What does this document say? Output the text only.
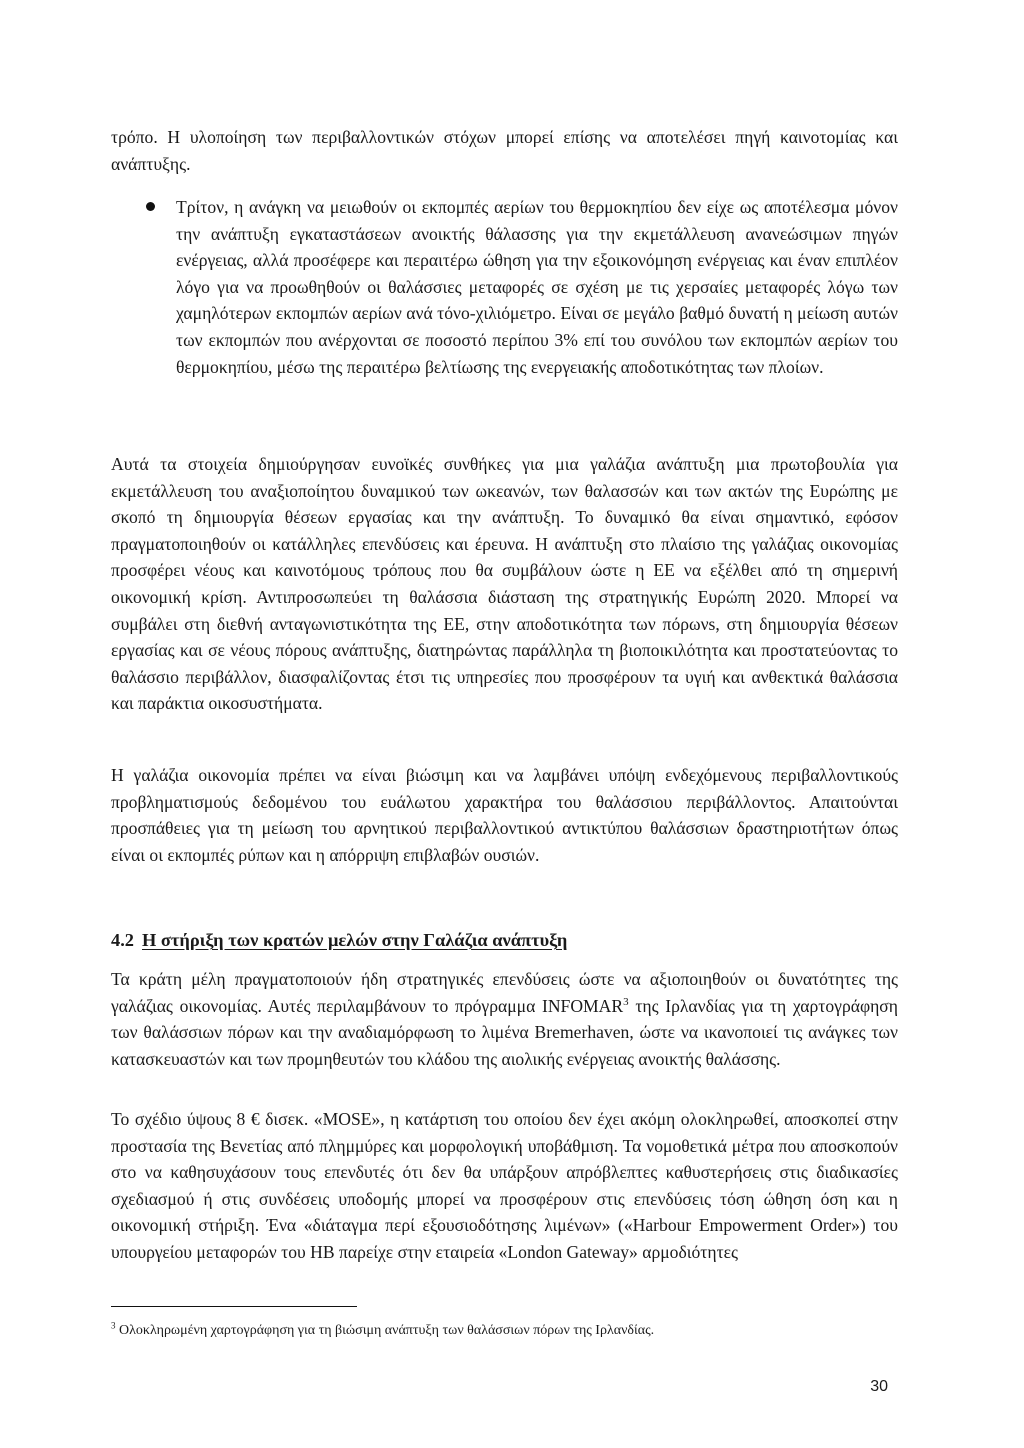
τρόπο. Η υλοποίηση των περιβαλλοντικών στόχων μπορεί επίσης να αποτελέσει πηγή καινοτομίας και ανάπτυξης.

Τρίτον, η ανάγκη να μειωθούν οι εκπομπές αερίων του θερμοκηπίου δεν είχε ως αποτέλεσμα μόνον την ανάπτυξη εγκαταστάσεων ανοικτής θάλασσης για την εκμετάλλευση ανανεώσιμων πηγών ενέργειας, αλλά προσέφερε και περαιτέρω ώθηση για την εξοικονόμηση ενέργειας και έναν επιπλέον λόγο για να προωθηθούν οι θαλάσσιες μεταφορές σε σχέση με τις χερσαίες μεταφορές λόγω των χαμηλότερων εκπομπών αερίων ανά τόνο-χιλιόμετρο. Είναι σε μεγάλο βαθμό δυνατή η μείωση αυτών των εκπομπών που ανέρχονται σε ποσοστό περίπου 3% επί του συνόλου των εκπομπών αερίων του θερμοκηπίου, μέσω της περαιτέρω βελτίωσης της ενεργειακής αποδοτικότητας των πλοίων.

Αυτά τα στοιχεία δημιούργησαν ευνοϊκές συνθήκες για μια γαλάζια ανάπτυξη μια πρωτοβουλία για εκμετάλλευση του αναξιοποίητου δυναμικού των ωκεανών, των θαλασσών και των ακτών της Ευρώπης με σκοπό τη δημιουργία θέσεων εργασίας και την ανάπτυξη. Το δυναμικό θα είναι σημαντικό, εφόσον πραγματοποιηθούν οι κατάλληλες επενδύσεις και έρευνα. Η ανάπτυξη στο πλαίσιο της γαλάζιας οικονομίας προσφέρει νέους και καινοτόμους τρόπους που θα συμβάλουν ώστε η ΕΕ να εξέλθει από τη σημερινή οικονομική κρίση. Αντιπροσωπεύει τη θαλάσσια διάσταση της στρατηγικής Ευρώπη 2020. Μπορεί να συμβάλει στη διεθνή ανταγωνιστικότητα της ΕΕ, στην αποδοτικότητα των πόρωνs, στη δημιουργία θέσεων εργασίας και σε νέους πόρους ανάπτυξης, διατηρώντας παράλληλα τη βιοποικιλότητα και προστατεύοντας το θαλάσσιο περιβάλλον, διασφαλίζοντας έτσι τις υπηρεσίες που προσφέρουν τα υγιή και ανθεκτικά θαλάσσια και παράκτια οικοσυστήματα.

Η γαλάζια οικονομία πρέπει να είναι βιώσιμη και να λαμβάνει υπόψη ενδεχόμενους περιβαλλοντικούς προβληματισμούς δεδομένου του ευάλωτου χαρακτήρα του θαλάσσιου περιβάλλοντος. Απαιτούνται προσπάθειες για τη μείωση του αρνητικού περιβαλλοντικού αντικτύπου θαλάσσιων δραστηριοτήτων όπως είναι οι εκπομπές ρύπων και η απόρριψη επιβλαβών ουσιών.

4.2 Η στήριξη των κρατών μελών στην Γαλάζια ανάπτυξη

Τα κράτη μέλη πραγματοποιούν ήδη στρατηγικές επενδύσεις ώστε να αξιοποιηθούν οι δυνατότητες της γαλάζιας οικονομίας. Αυτές περιλαμβάνουν το πρόγραμμα INFOMAR$^3$ της Ιρλανδίας για τη χαρτογράφηση των θαλάσσιων πόρων και την αναδιαμόρφωση το λιμένα Bremerhaven, ώστε να ικανοποιεί τις ανάγκες των κατασκευαστών και των προμηθευτών του κλάδου της αιολικής ενέργειας ανοικτής θαλάσσης.

Το σχέδιο ύψους 8 € δισεκ. «MOSE», η κατάρτιση του οποίου δεν έχει ακόμη ολοκληρωθεί, αποσκοπεί στην προστασία της Βενετίας από πλημμύρες και μορφολογική υποβάθμιση. Τα νομοθετικά μέτρα που αποσκοπούν στο να καθησυχάσουν τους επενδυτές ότι δεν θα υπάρξουν απρόβλεπτες καθυστερήσεις στις διαδικασίες σχεδιασμού ή στις συνδέσεις υποδομής μπορεί να προσφέρουν στις επενδύσεις τόση ώθηση όση και η οικονομική στήριξη. Ένα «διάταγμα περί εξουσιοδότησης λιμένων» («Harbour Empowerment Order») του υπουργείου μεταφορών του ΗΒ παρείχε στην εταιρεία «London Gateway» αρμοδιότητες

$^3$ Ολοκληρωμένη χαρτογράφηση για τη βιώσιμη ανάπτυξη των θαλάσσιων πόρων της Ιρλανδίας.

30
